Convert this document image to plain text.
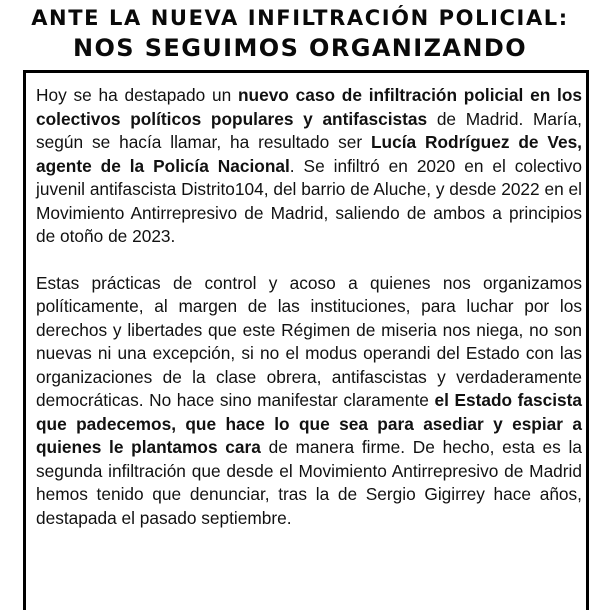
ANTE LA NUEVA INFILTRACIÓN POLICIAL:
NOS SEGUIMOS ORGANIZANDO

Hoy se ha destapado un nuevo caso de infiltración policial en los colectivos políticos populares y antifascistas de Madrid. María, según se hacía llamar, ha resultado ser Lucía Rodríguez de Ves, agente de la Policía Nacional. Se infiltró en 2020 en el colectivo juvenil antifascista Distrito104, del barrio de Aluche, y desde 2022 en el Movimiento Antirrepresivo de Madrid, saliendo de ambos a principios de otoño de 2023.

Estas prácticas de control y acoso a quienes nos organizamos políticamente, al margen de las instituciones, para luchar por los derechos y libertades que este Régimen de miseria nos niega, no son nuevas ni una excepción, si no el modus operandi del Estado con las organizaciones de la clase obrera, antifascistas y verdaderamente democráticas. No hace sino manifestar claramente el Estado fascista que padecemos, que hace lo que sea para asediar y espiar a quienes le plantamos cara de manera firme. De hecho, esta es la segunda infiltración que desde el Movimiento Antirrepresivo de Madrid hemos tenido que denunciar, tras la de Sergio Gigirrey hace años, destapada el pasado septiembre.
